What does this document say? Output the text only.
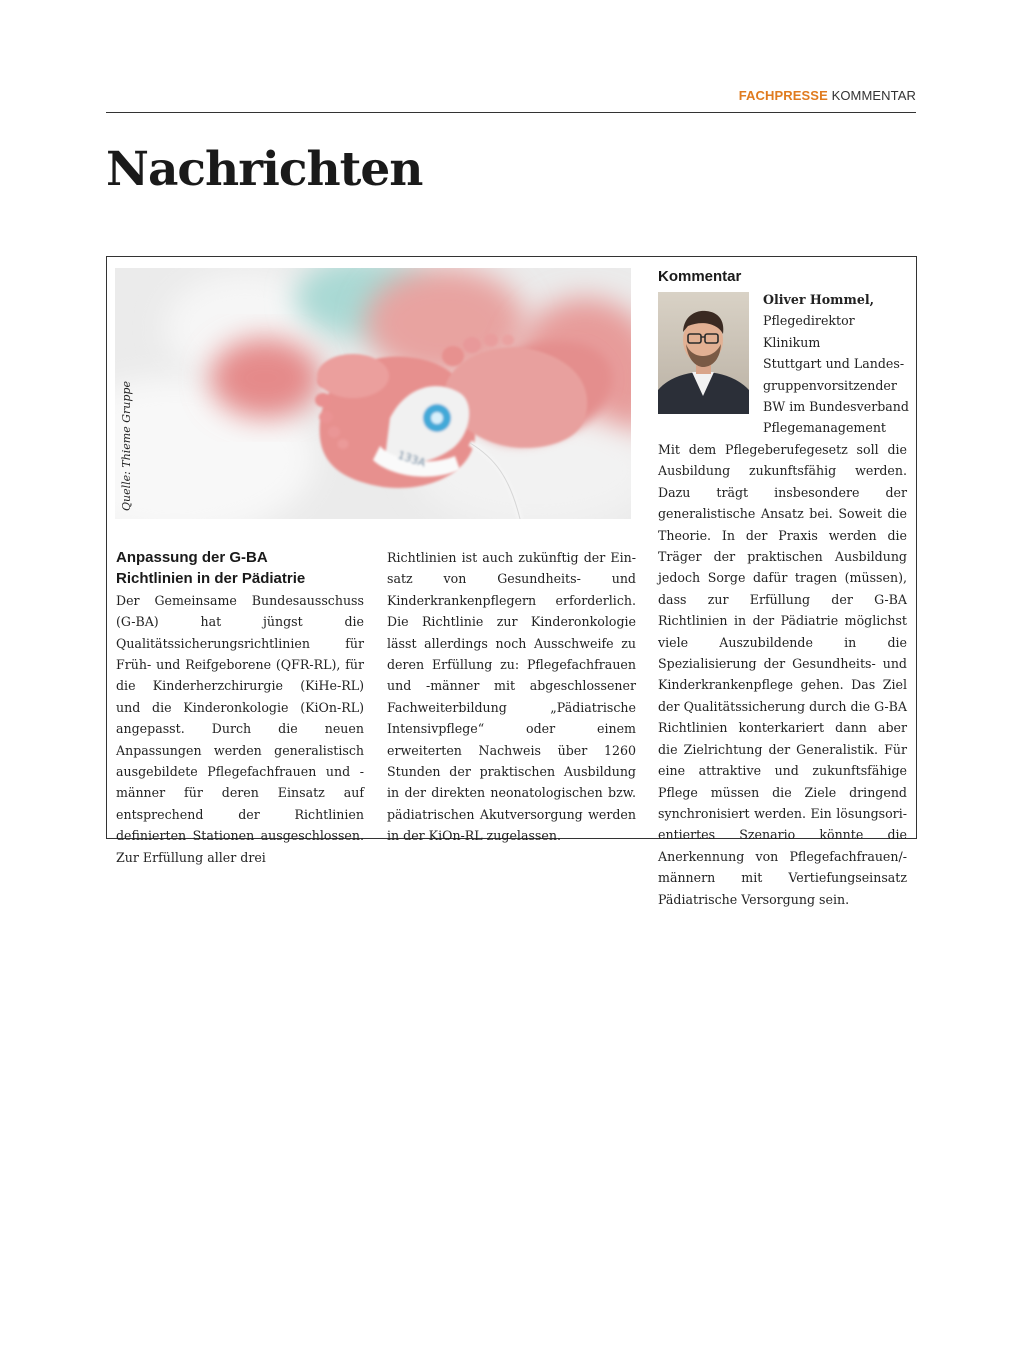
FACHPRESSE KOMMENTAR
Nachrichten
133A
Quelle: Thieme Gruppe
Anpassung der G-BA
Richtlinien in der Pädiatrie
Der Gemeinsame Bundesausschuss (G-BA) hat jüngst die Qualitätssicherungsrichtlinien für Früh- und Reifgeborene (QFR-RL), für die Kinderherzchirurgie (KiHe-RL) und die Kinderonkologie (KiOn-RL) angepasst. Durch die neuen Anpassungen werden generalistisch ausgebildete Pflegefachfrauen und -männer für deren Einsatz auf entsprechend der Richtlinien definierten Stationen ausgeschlossen. Zur Erfüllung aller drei
Richtlinien ist auch zukünftig der Einsatz von Gesundheits- und Kinderkrankenpflegern erforderlich. Die Richtlinie zur Kinderonkologie lässt allerdings noch Ausschweife zu deren Erfüllung zu: Pflegefachfrauen und -männer mit abgeschlossener Fachweiterbildung „Pädiatrische Intensivpflege“ oder einem erweiterten Nachweis über 1260 Stunden der praktischen Ausbildung in der direkten neonatologischen bzw. pädiatrischen Akutversorgung werden in der KiOn-RL zugelassen.
Kommentar
Oliver Hommel,
Pflegedirektor Klinikum
Stuttgart und Landes-
gruppenvorsitzender
BW im Bundesverband
Pflegemanagement
Mit dem Pflegeberufegesetz soll die Ausbildung zukunftsfähig werden. Dazu trägt insbesondere der generalistische Ansatz bei. Soweit die Theorie. In der Praxis werden die Träger der praktischen Ausbildung jedoch Sorge dafür tragen (müssen), dass zur Erfüllung der G-BA Richtlinien in der Pädiatrie möglichst viele Auszubildende in die Spezialisierung der Gesundheits- und Kinderkrankenpflege gehen. Das Ziel der Qualitätssicherung durch die G-BA Richtlinien konterkariert dann aber die Zielrichtung der Generalistik. Für eine attraktive und zukunftsfähige Pflege müssen die Ziele dringend synchronisiert werden. Ein lösungsorientiertes Szenario könnte die Anerkennung von Pflegefachfrauen/-männern mit Vertiefungseinsatz Pädiatrische Versorgung sein.
